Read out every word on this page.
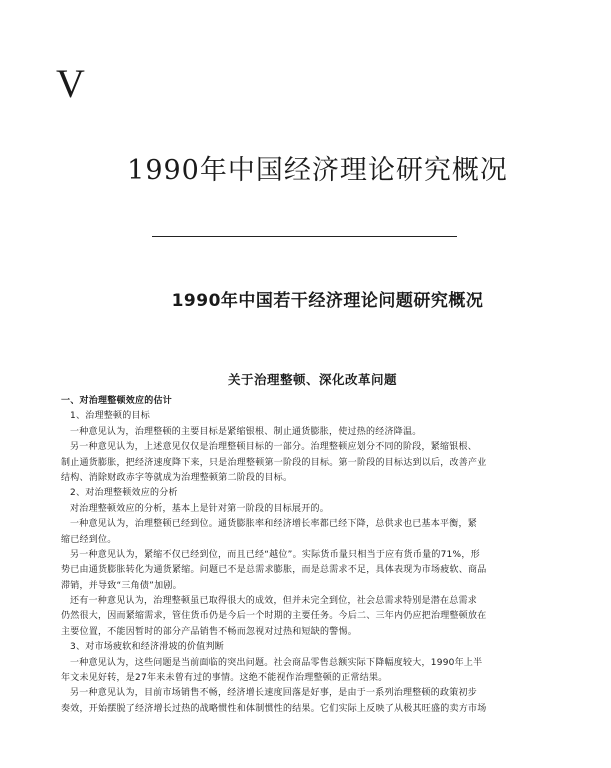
V
1990年中国经济理论研究概况
1990年中国若干经济理论问题研究概况
关于治理整顿、深化改革问题
一、对治理整顿效应的估计
1、治理整顿的目标
一种意见认为，治理整顿的主要目标是紧缩银根、制止通货膨胀，使过热的经济降温。
另一种意见认为，上述意见仅仅是治理整顿目标的一部分。治理整顿应划分不同的阶段，紧缩银根、
制止通货膨胀，把经济速度降下来，只是治理整顿第一阶段的目标。第一阶段的目标达到以后，改善产业
结构、消除财政赤字等就成为治理整顿第二阶段的目标。
2、对治理整顿效应的分析
对治理整顿效应的分析，基本上是针对第一阶段的目标展开的。
一种意见认为，治理整顿已经到位。通货膨胀率和经济增长率都已经下降，总供求也已基本平衡，紧
缩已经到位。
另一种意见认为，紧缩不仅已经到位，而且已经“越位”。实际货币量只相当于应有货币量的71%，形
势已由通货膨胀转化为通货紧缩。问题已不是总需求膨胀，而是总需求不足，具体表现为市场疲软、商品
滞销，并导致“三角债”加剧。
还有一种意见认为，治理整顿虽已取得很大的成效，但并未完全到位，社会总需求特别是潜在总需求
仍然很大，因而紧缩需求，管住货币仍是今后一个时期的主要任务。今后二、三年内仍应把治理整顿放在
主要位置，不能因暂时的部分产品销售不畅而忽视对过热和短缺的警惕。
3、对市场疲软和经济滑坡的价值判断
一种意见认为，这些问题是当前面临的突出问题。社会商品零售总额实际下降幅度较大，1990年上半
年文未见好转，是27年来未曾有过的事情。这绝不能视作治理整顿的正常结果。
另一种意见认为，目前市场销售不畅，经济增长速度回落是好事，是由于一系列治理整顿的政策初步
奏效，开始摆脱了经济增长过热的战略惯性和体制惯性的结果。它们实际上反映了从极其旺盛的卖方市场
